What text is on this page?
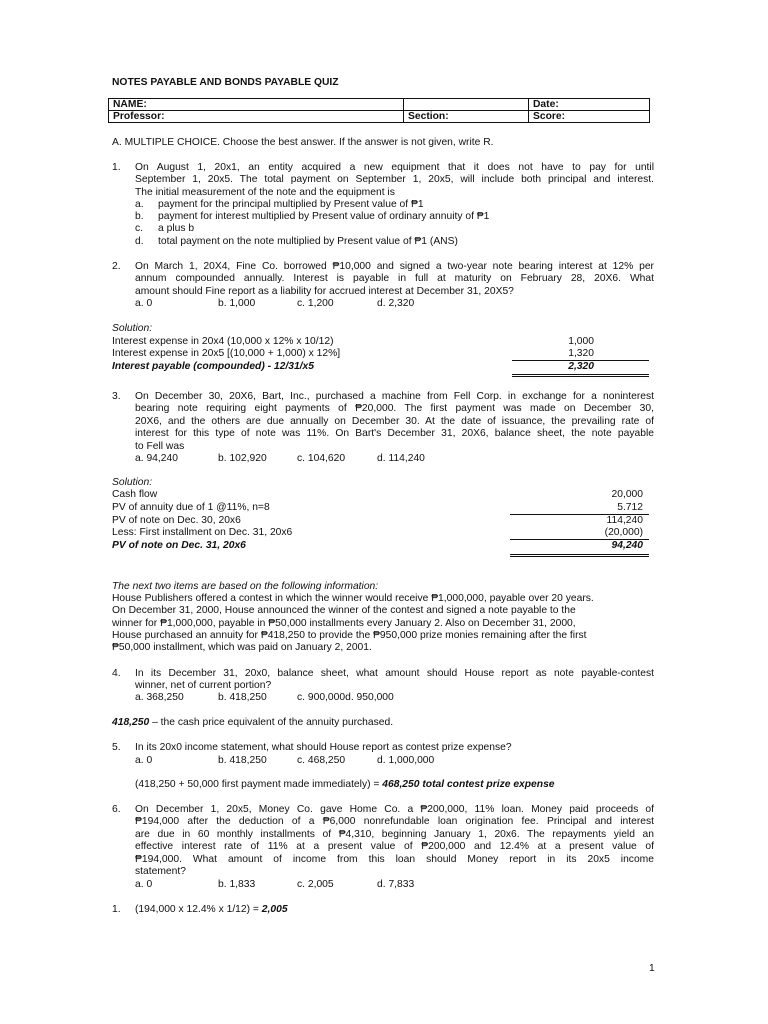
NOTES PAYABLE AND BONDS PAYABLE QUIZ
NAME:		Date:
Professor:	Section:	Score:
A. MULTIPLE CHOICE. Choose the best answer. If the answer is not given, write R.
1. On August 1, 20x1, an entity acquired a new equipment that it does not have to pay for until
September 1, 20x5. The total payment on September 1, 20x5, will include both principal and interest.
The initial measurement of the note and the equipment is
a. payment for the principal multiplied by Present value of ₱1
b. payment for interest multiplied by Present value of ordinary annuity of ₱1
c. a plus b
d. total payment on the note multiplied by Present value of ₱1 (ANS)
2. On March 1, 20X4, Fine Co. borrowed ₱10,000 and signed a two-year note bearing interest at 12% per
annum compounded annually. Interest is payable in full at maturity on February 28, 20X6. What
amount should Fine report as a liability for accrued interest at December 31, 20X5?
a. 0	b. 1,000	c. 1,200	d. 2,320
Solution:
Interest expense in 20x4 (10,000 x 12% x 10/12)	1,000
Interest expense in 20x5 [(10,000 + 1,000) x 12%]	1,320
Interest payable (compounded) - 12/31/x5	2,320
3. On December 30, 20X6, Bart, Inc., purchased a machine from Fell Corp. in exchange for a noninterest
bearing note requiring eight payments of ₱20,000. The first payment was made on December 30,
20X6, and the others are due annually on December 30. At the date of issuance, the prevailing rate of
interest for this type of note was 11%. On Bart's December 31, 20X6, balance sheet, the note payable
to Fell was
a. 94,240	b. 102,920	c. 104,620	d. 114,240
Solution:
Cash flow	20,000
PV of annuity due of 1 @11%, n=8	5.712
PV of note on Dec. 30, 20x6	114,240
Less: First installment on Dec. 31, 20x6	(20,000)
PV of note on Dec. 31, 20x6	94,240
The next two items are based on the following information:
House Publishers offered a contest in which the winner would receive ₱1,000,000, payable over 20 years.
On December 31, 2000, House announced the winner of the contest and signed a note payable to the
winner for ₱1,000,000, payable in ₱50,000 installments every January 2. Also on December 31, 2000,
House purchased an annuity for ₱418,250 to provide the ₱950,000 prize monies remaining after the first
₱50,000 installment, which was paid on January 2, 2001.
4. In its December 31, 20x0, balance sheet, what amount should House report as note payable-contest
winner, net of current portion?
a. 368,250	b. 418,250	c. 900,000d. 950,000
418,250 – the cash price equivalent of the annuity purchased.
5. In its 20x0 income statement, what should House report as contest prize expense?
a. 0	b. 418,250	c. 468,250	d. 1,000,000
(418,250 + 50,000 first payment made immediately) = 468,250 total contest prize expense
6. On December 1, 20x5, Money Co. gave Home Co. a ₱200,000, 11% loan. Money paid proceeds of
₱194,000 after the deduction of a ₱6,000 nonrefundable loan origination fee. Principal and interest
are due in 60 monthly installments of ₱4,310, beginning January 1, 20x6. The repayments yield an
effective interest rate of 11% at a present value of ₱200,000 and 12.4% at a present value of
₱194,000. What amount of income from this loan should Money report in its 20x5 income
statement?
a. 0	b. 1,833	c. 2,005	d. 7,833
1. (194,000 x 12.4% x 1/12) = 2,005
1
